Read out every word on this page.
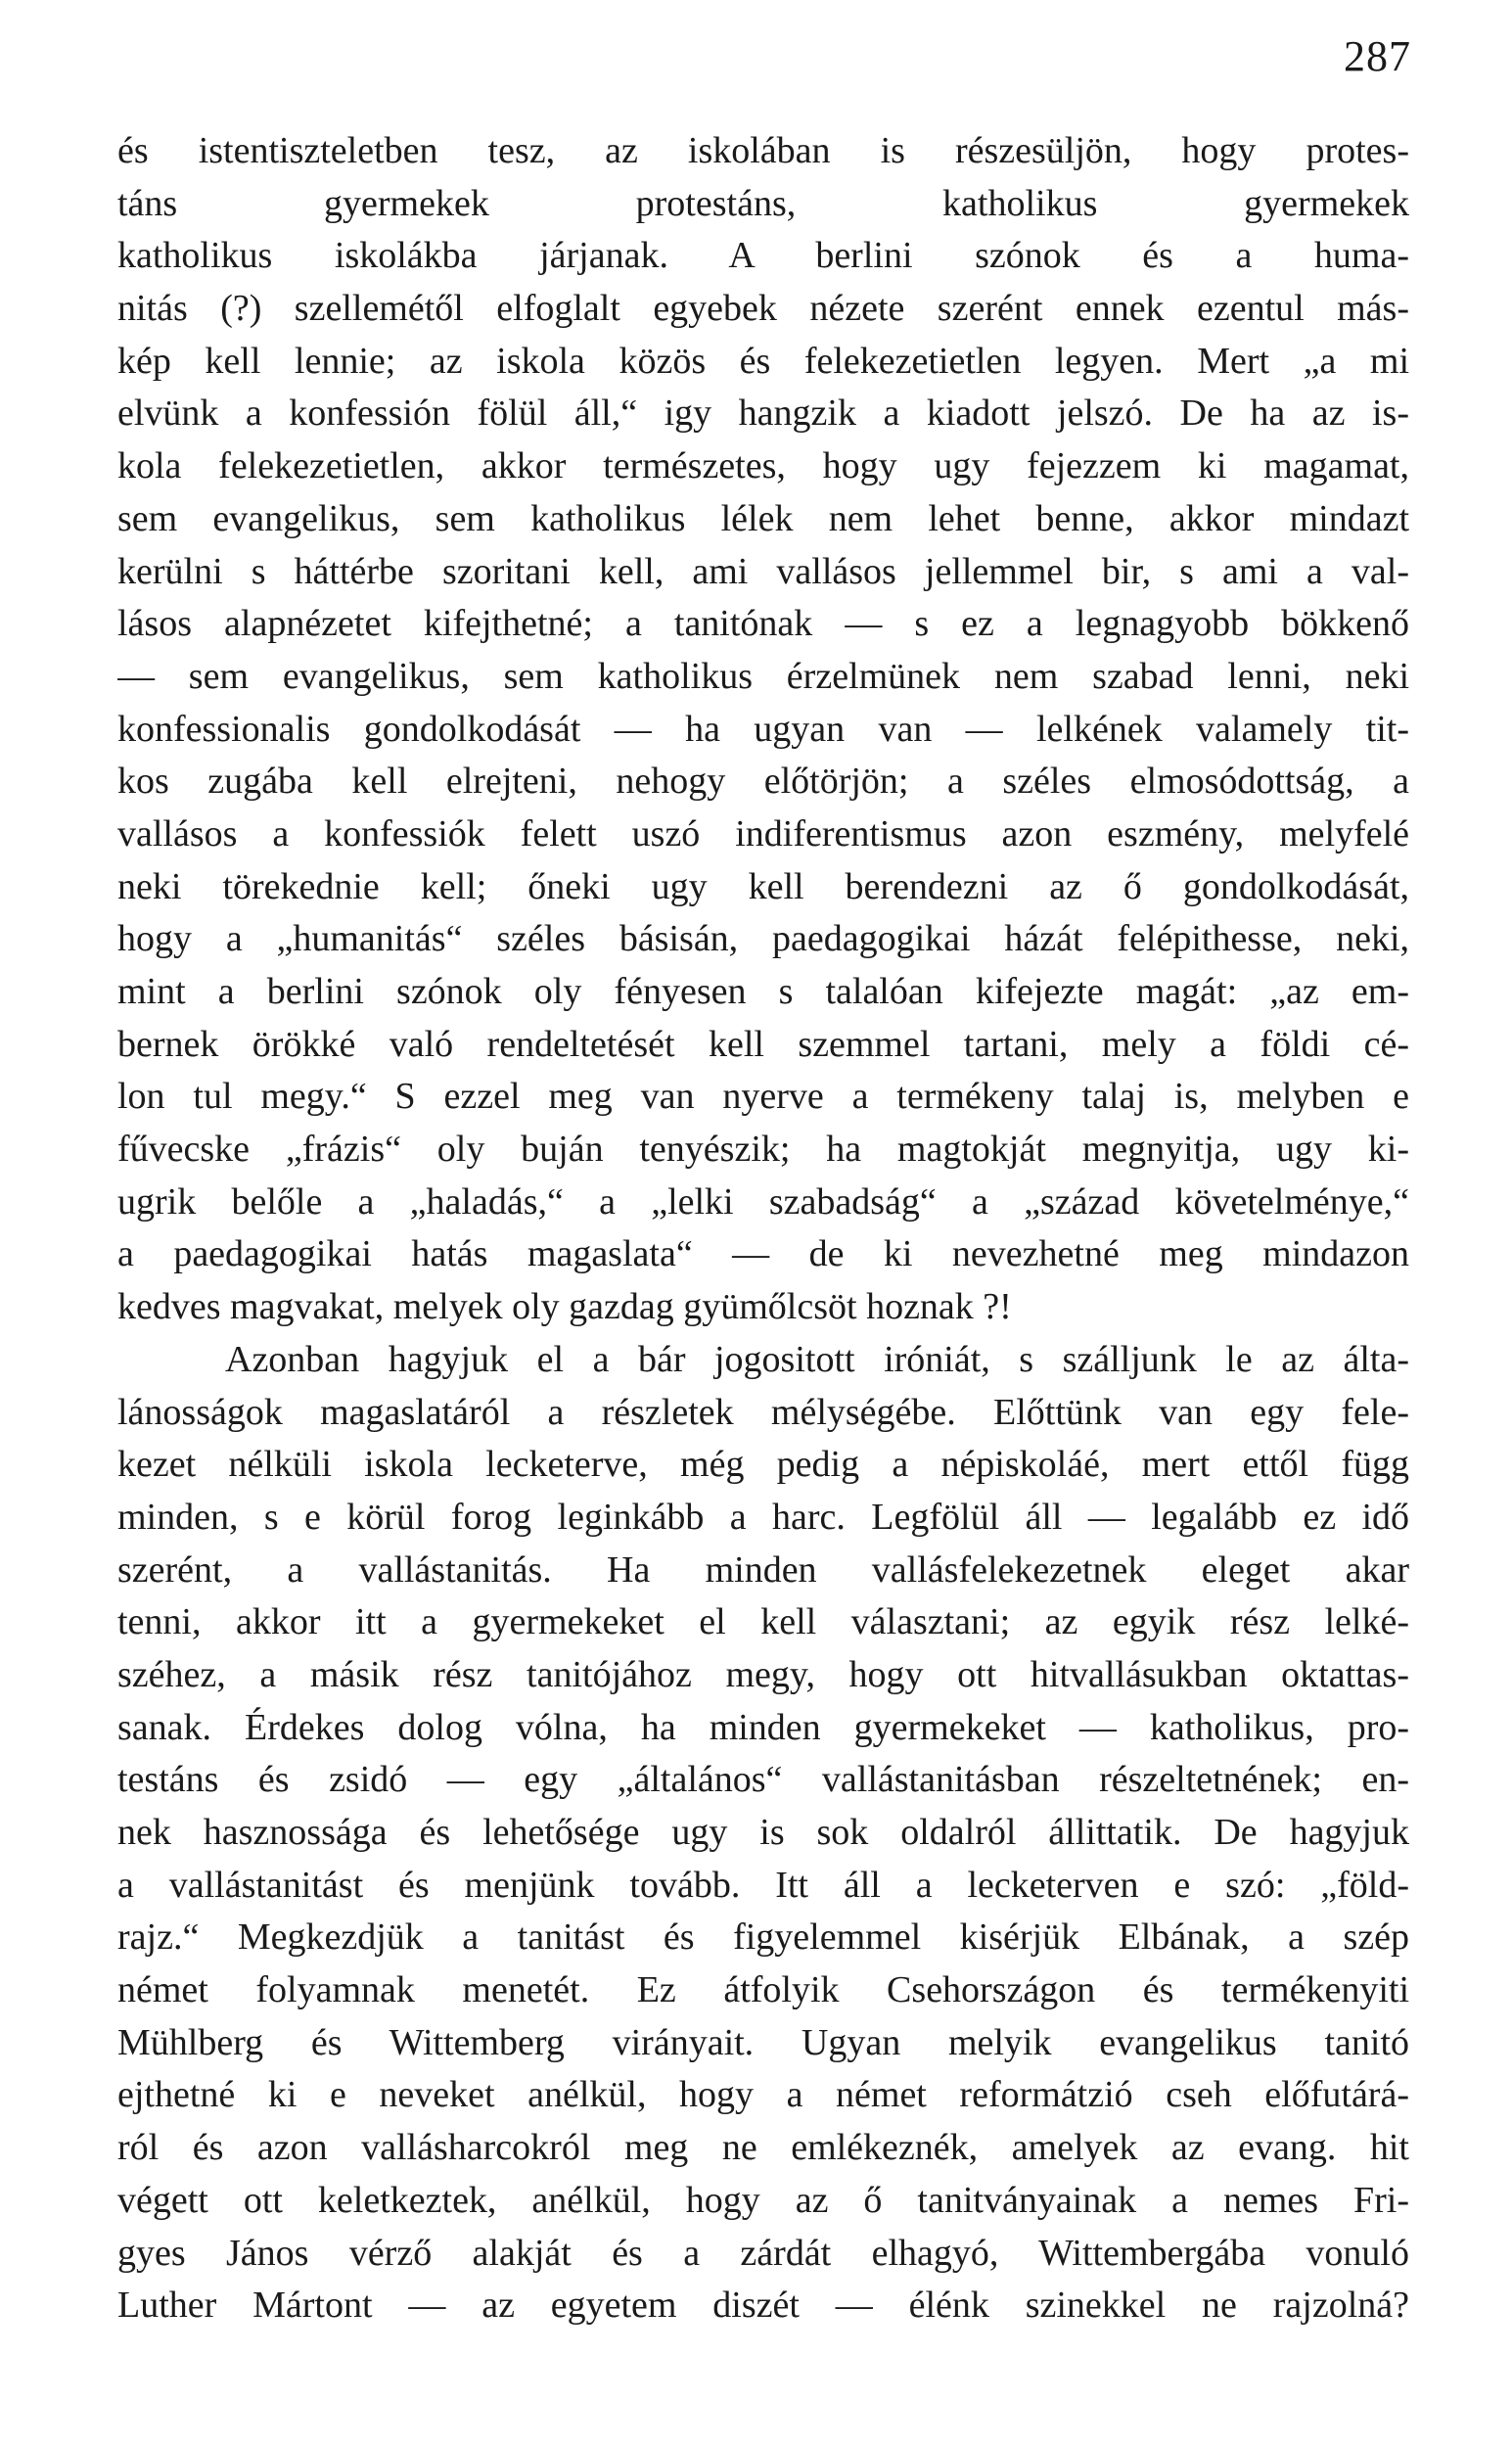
287
és istentiszteletben tesz, az iskolában is részesüljön, hogy protes-
táns gyermekek protestáns, katholikus gyermekek
katholikus iskolákba járjanak. A berlini szónok és a huma-
nitás (?) szellemétől elfoglalt egyebek nézete szerént ennek ezentul más-
kép kell lennie; az iskola közös és felekezetietlen legyen. Mert „a mi
elvünk a konfessión fölül áll,“ igy hangzik a kiadott jelszó. De ha az is-
kola felekezetietlen, akkor természetes, hogy ugy fejezzem ki magamat,
sem evangelikus, sem katholikus lélek nem lehet benne, akkor mindazt
kerülni s háttérbe szoritani kell, ami vallásos jellemmel bir, s ami a val-
lásos alapnézetet kifejthetné; a tanitónak — s ez a legnagyobb bökkenő
— sem evangelikus, sem katholikus érzelmünek nem szabad lenni, neki
konfessionalis gondolkodását — ha ugyan van — lelkének valamely tit-
kos zugába kell elrejteni, nehogy előtörjön; a széles elmosódottság, a
vallásos a konfessiók felett uszó indiferentismus azon eszmény, melyfelé
neki törekednie kell; őneki ugy kell berendezni az ő gondolkodását,
hogy a „humanitás“ széles básisán, paedagogikai házát felépithesse, neki,
mint a berlini szónok oly fényesen s talalóan kifejezte magát: „az em-
bernek örökké való rendeltetését kell szemmel tartani, mely a földi cé-
lon tul megy.“ S ezzel meg van nyerve a termékeny talaj is, melyben e
fűvecske „frázis“ oly buján tenyészik; ha magtokját megnyitja, ugy ki-
ugrik belőle a „haladás,“ a „lelki szabadság“ a „század követelménye,“
a paedagogikai hatás magaslata“ — de ki nevezhetné meg mindazon
kedves magvakat, melyek oly gazdag gyümőlcsöt hoznak ?!
Azonban hagyjuk el a bár jogositott iróniát, s szálljunk le az álta-
lánosságok magaslatáról a részletek mélységébe. Előttünk van egy fele-
kezet nélküli iskola lecketerve, még pedig a népiskoláé, mert ettől függ
minden, s e körül forog leginkább a harc. Legfölül áll — legalább ez idő
szerént, a vallástanitás. Ha minden vallásfelekezetnek eleget akar
tenni, akkor itt a gyermekeket el kell választani; az egyik rész lelké-
széhez, a másik rész tanitójához megy, hogy ott hitvallásukban oktattas-
sanak. Érdekes dolog vólna, ha minden gyermekeket — katholikus, pro-
testáns és zsidó — egy „általános“ vallástanitásban részeltetnének; en-
nek hasznossága és lehetősége ugy is sok oldalról állittatik. De hagyjuk
a vallástanitást és menjünk tovább. Itt áll a lecketerven e szó: „föld-
rajz.“ Megkezdjük a tanitást és figyelemmel kisérjük Elbának, a szép
német folyamnak menetét. Ez átfolyik Csehországon és termékenyiti
Mühlberg és Wittemberg virányait. Ugyan melyik evangelikus tanitó
ejthetné ki e neveket anélkül, hogy a német reformátzió cseh előfutárá-
ról és azon vallásharcokról meg ne emlékeznék, amelyek az evang. hit
végett ott keletkeztek, anélkül, hogy az ő tanitványainak a nemes Fri-
gyes János vérző alakját és a zárdát elhagyó, Wittembergába vonuló
Luther Mártont — az egyetem diszét — élénk szinekkel ne rajzolná?
